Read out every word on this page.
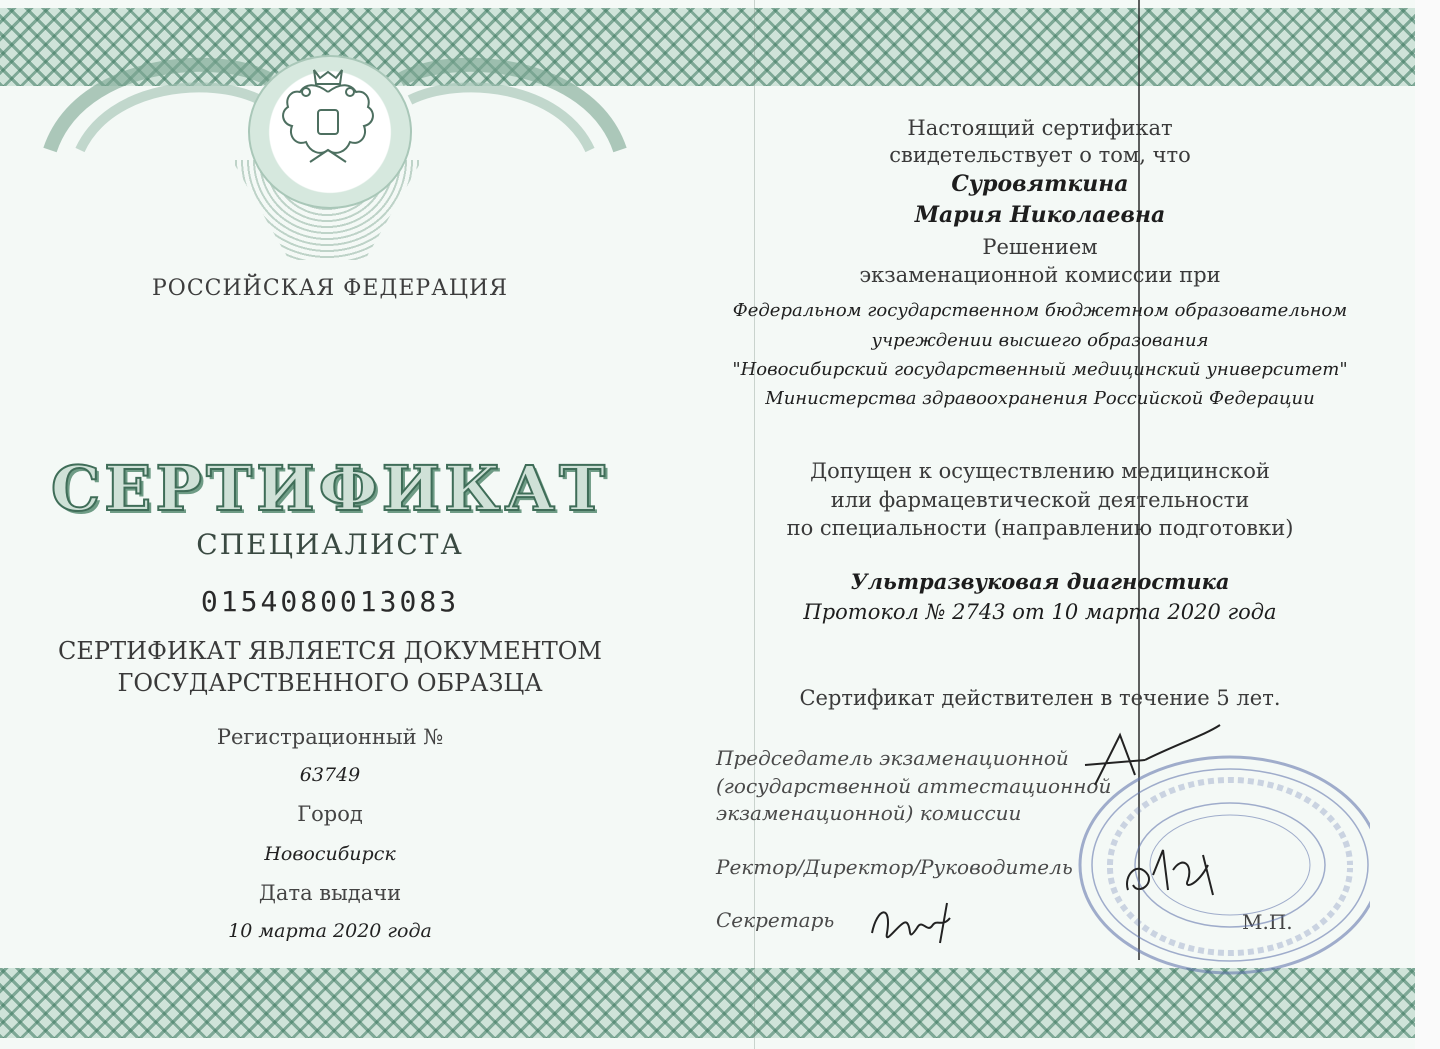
РОССИЙСКАЯ ФЕДЕРАЦИЯ
СЕРТИФИКАТ
СПЕЦИАЛИСТА
0154080013083
СЕРТИФИКАТ ЯВЛЯЕТСЯ ДОКУМЕНТОМ
ГОСУДАРСТВЕННОГО ОБРАЗЦА
Регистрационный №
63749
Город
Новосибирск
Дата выдачи
10 марта 2020 года
Настоящий сертификат
свидетельствует о том, что
Суровяткина
Мария Николаевна
Решением
экзаменационной комиссии при
Федеральном государственном бюджетном образовательном
учреждении высшего образования
"Новосибирский государственный медицинский университет"
Министерства здравоохранения Российской Федерации
Допущен к осуществлению медицинской
или фармацевтической деятельности
по специальности (направлению подготовки)
Ультразвуковая диагностика
Протокол № 2743 от 10 марта 2020 года
Сертификат действителен в течение 5 лет.
Председатель экзаменационной
(государственной аттестационной
экзаменационной) комиссии
Ректор/Директор/Руководитель
Секретарь	М.П.
